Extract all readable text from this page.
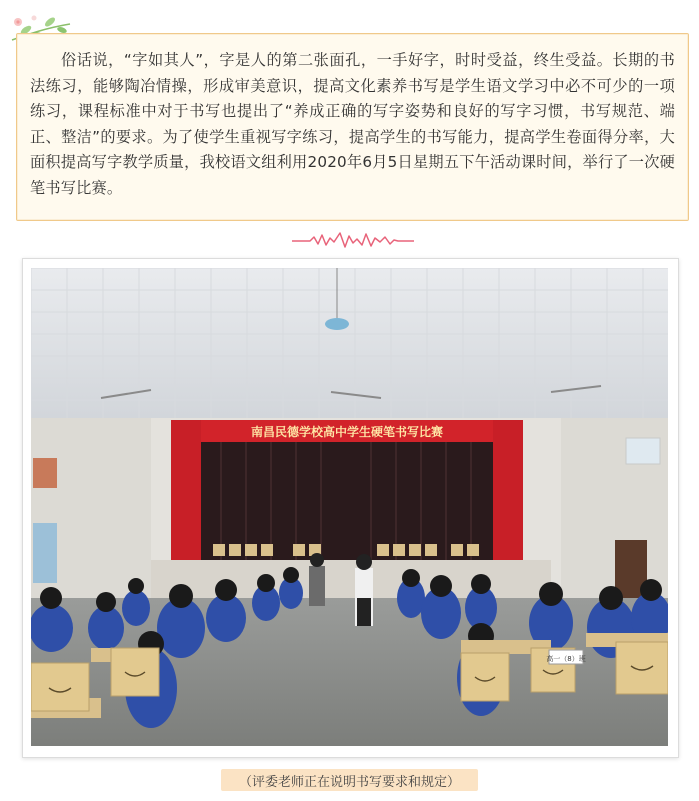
俗话说，“字如其人”，字是人的第二张面孔，一手好字，时时受益，终生受益。长期的书法练习，能够陶冶情操，形成审美意识，提高文化素养书写是学生语文学习中必不可少的一项练习，课程标准中对于书写也提出了“养成正确的写字姿势和良好的写字习惯，书写规范、端正、整洁”的要求。为了使学生重视写字练习，提高学生的书写能力，提高学生卷面得分率，大面积提高写字教学质量，我校语文组利用2020年6月5日星期五下午活动课时间，举行了一次硬笔书写比赛。

南昌民德学校高中学生硬笔书写比赛
高一（8）班
（评委老师正在说明书写要求和规定）
